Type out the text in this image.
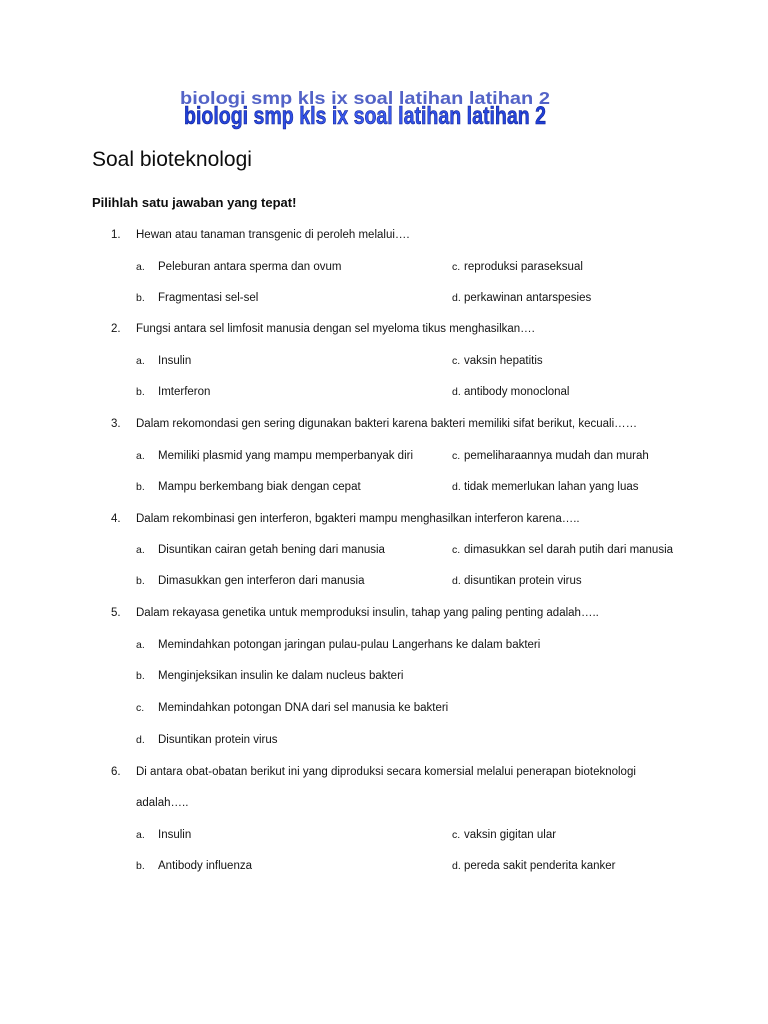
biologi smp kls ix soal latihan latihan 2
biologi smp kls ix soal latihan latihan 2
Soal bioteknologi
Pilihlah satu jawaban yang tepat!
1. Hewan atau tanaman transgenic di peroleh melalui….
a. Peleburan antara sperma dan ovum	c. reproduksi paraseksual
b. Fragmentasi sel-sel	d. perkawinan antarspesies
2. Fungsi antara sel limfosit manusia dengan sel myeloma tikus menghasilkan….
a. Insulin	c. vaksin hepatitis
b. Imterferon	d. antibody monoclonal
3. Dalam rekomondasi gen sering digunakan bakteri karena bakteri memiliki sifat berikut, kecuali……
a. Memiliki plasmid yang mampu memperbanyak diri	c. pemeliharaannya mudah dan murah
b. Mampu berkembang biak dengan cepat	d. tidak memerlukan lahan yang luas
4. Dalam rekombinasi gen interferon, bgakteri mampu menghasilkan interferon karena…..
a. Disuntikan cairan getah bening dari manusia	c. dimasukkan sel darah putih dari manusia
b. Dimasukkan gen interferon dari manusia	d. disuntikan protein virus
5. Dalam rekayasa genetika untuk memproduksi insulin, tahap yang paling penting adalah…..
a. Memindahkan potongan jaringan pulau-pulau Langerhans ke dalam bakteri
b. Menginjeksikan insulin ke dalam nucleus bakteri
c. Memindahkan potongan DNA dari sel manusia ke bakteri
d. Disuntikan protein virus
6. Di antara obat-obatan berikut ini yang diproduksi secara komersial melalui penerapan bioteknologi
adalah…..
a. Insulin	c. vaksin gigitan ular
b. Antibody influenza	d. pereda sakit penderita kanker
